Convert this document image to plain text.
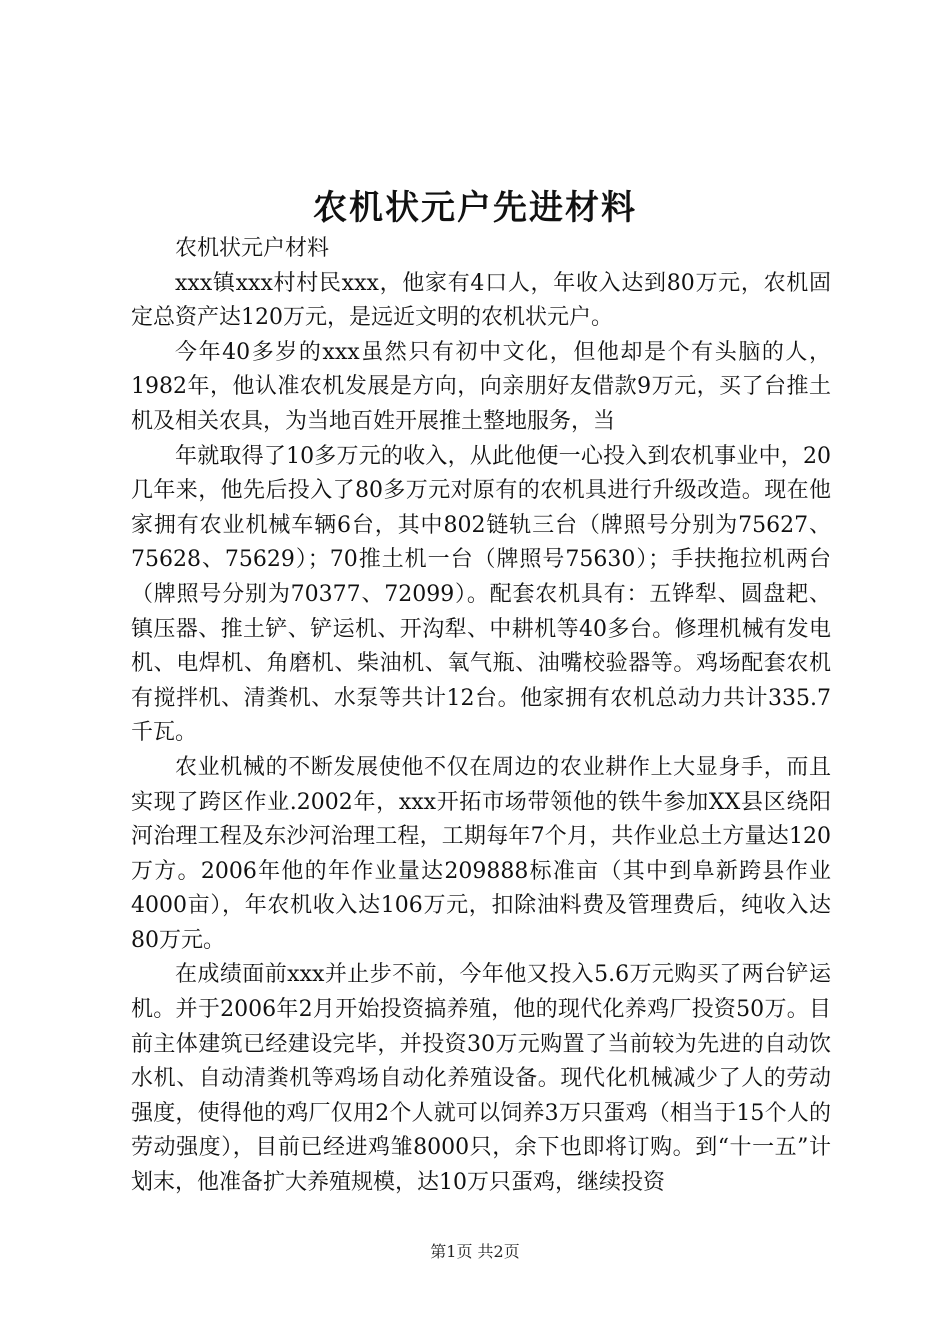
农机状元户先进材料

农机状元户材料

xxx镇xxx村村民xxx，他家有4口人，年收入达到80万元，农机固定总资产达120万元，是远近文明的农机状元户。

今年40多岁的xxx虽然只有初中文化，但他却是个有头脑的人，1982年，他认准农机发展是方向，向亲朋好友借款9万元，买了台推土机及相关农具，为当地百姓开展推土整地服务，当

年就取得了10多万元的收入，从此他便一心投入到农机事业中，20几年来，他先后投入了80多万元对原有的农机具进行升级改造。现在他家拥有农业机械车辆6台，其中802链轨三台（牌照号分别为75627、75628、75629）；70推土机一台（牌照号75630）；手扶拖拉机两台（牌照号分别为70377、72099）。配套农机具有：五铧犁、圆盘耙、镇压器、推土铲、铲运机、开沟犁、中耕机等40多台。修理机械有发电机、电焊机、角磨机、柴油机、氧气瓶、油嘴校验器等。鸡场配套农机有搅拌机、清粪机、水泵等共计12台。他家拥有农机总动力共计335.7千瓦。

农业机械的不断发展使他不仅在周边的农业耕作上大显身手，而且实现了跨区作业.2002年，xxx开拓市场带领他的铁牛参加XX县区绕阳河治理工程及东沙河治理工程，工期每年7个月，共作业总土方量达120万方。2006年他的年作业量达209888标准亩（其中到阜新跨县作业4000亩），年农机收入达106万元，扣除油料费及管理费后，纯收入达80万元。

在成绩面前xxx并止步不前，今年他又投入5.6万元购买了两台铲运机。并于2006年2月开始投资搞养殖，他的现代化养鸡厂投资50万。目前主体建筑已经建设完毕，并投资30万元购置了当前较为先进的自动饮水机、自动清粪机等鸡场自动化养殖设备。现代化机械减少了人的劳动强度，使得他的鸡厂仅用2个人就可以饲养3万只蛋鸡（相当于15个人的劳动强度），目前已经进鸡雏8000只，余下也即将订购。到“十一五”计划末，他准备扩大养殖规模，达10万只蛋鸡，继续投资

第1页 共2页
